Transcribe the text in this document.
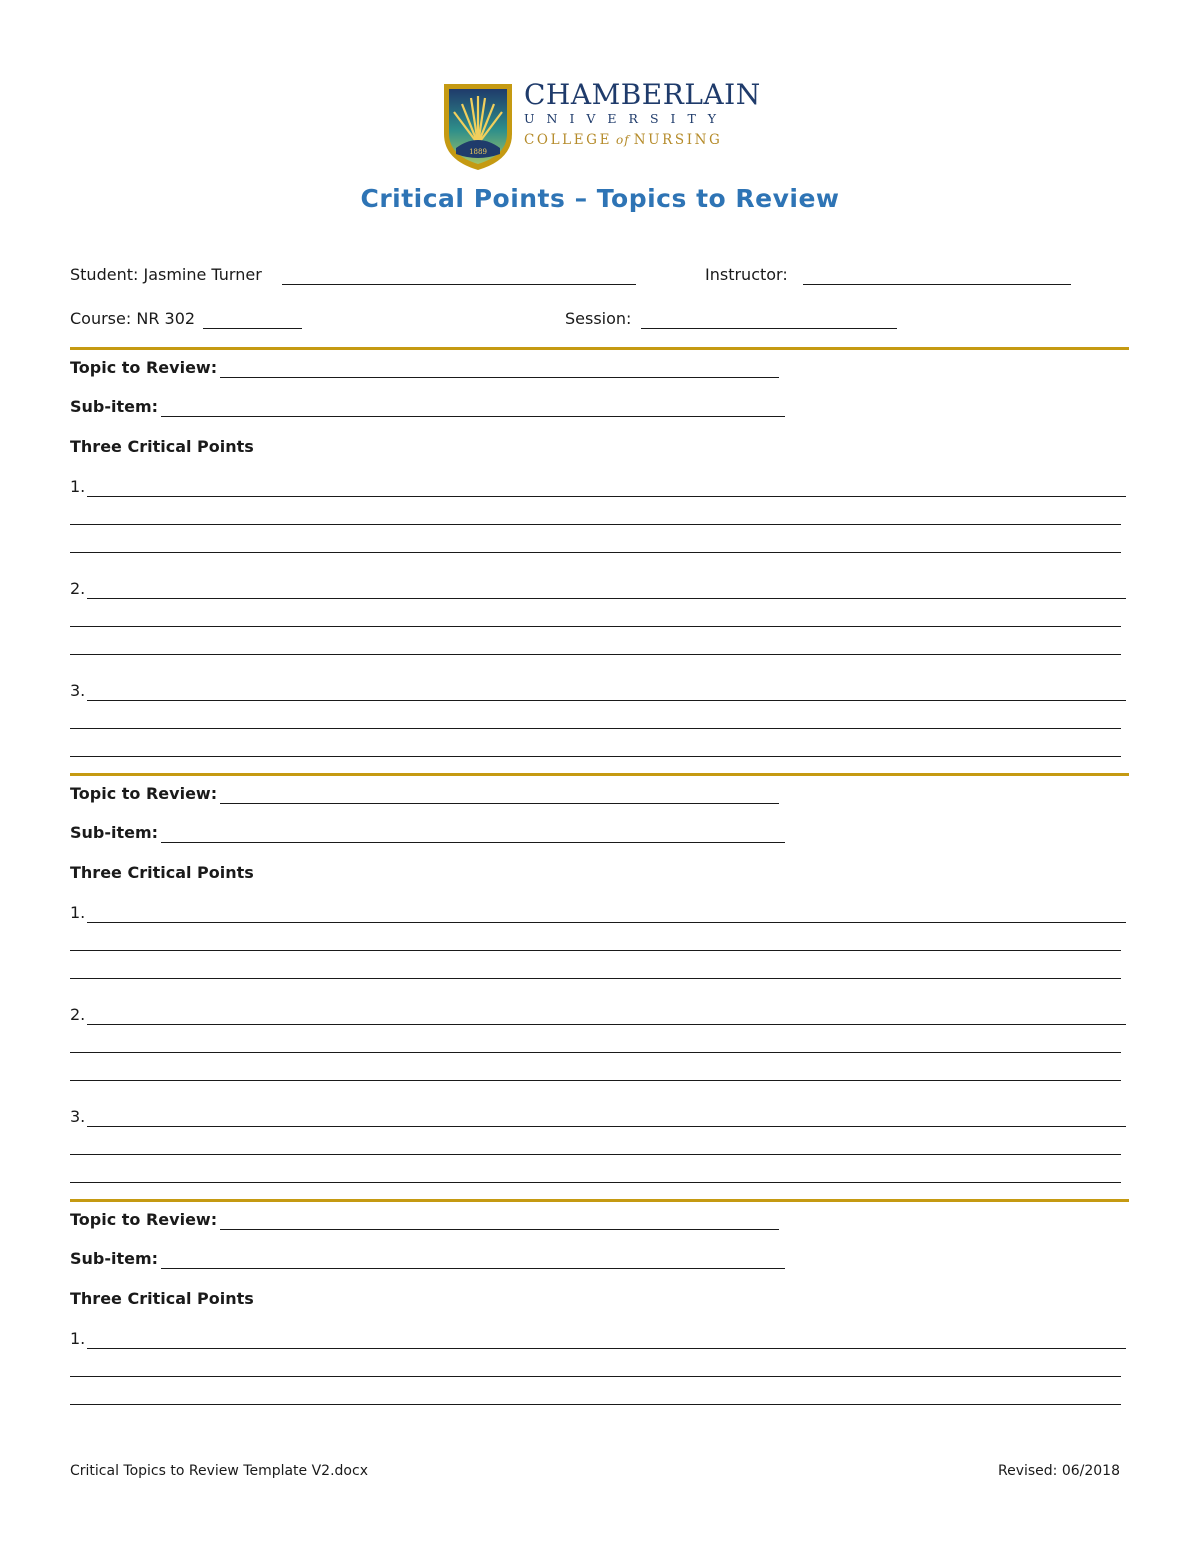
1889
CHAMBERLAIN
UNIVERSITY
COLLEGE of NURSING
Critical Points – Topics to Review
Student: Jasmine Turner	Instructor:
Course: NR 302	Session:
Topic to Review:
Sub-item:
Three Critical Points
1.
2.
3.
Topic to Review:
Sub-item:
Three Critical Points
1.
2.
3.
Topic to Review:
Sub-item:
Three Critical Points
1.
Critical Topics to Review Template V2.docx	Revised: 06/2018
